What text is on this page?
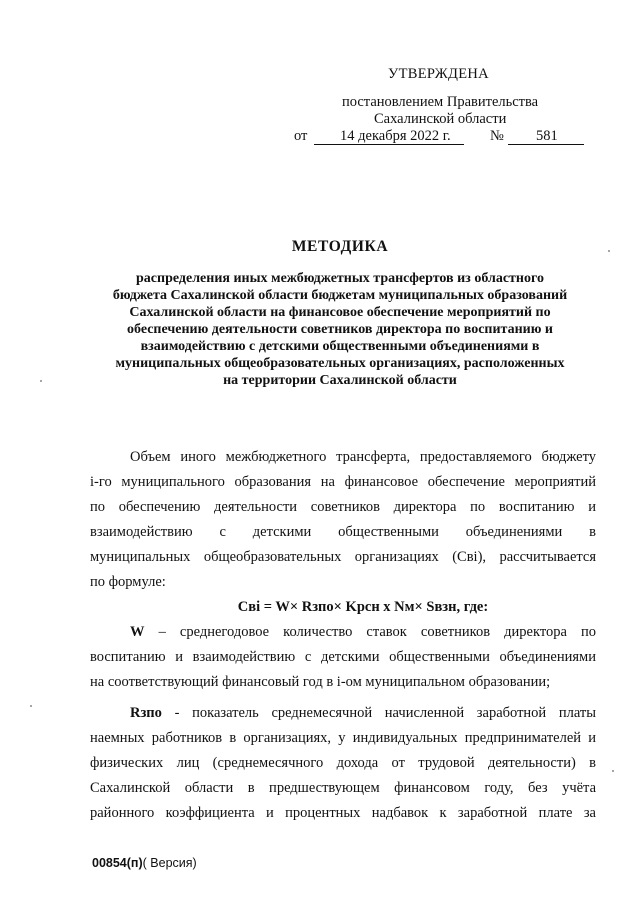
УТВЕРЖДЕНА
постановлением Правительства
Сахалинской области
от 14 декабря 2022 г.	№ 581
МЕТОДИКА
распределения иных межбюджетных трансфертов из областного
бюджета Сахалинской области бюджетам муниципальных образований
Сахалинской области на финансовое обеспечение мероприятий по
обеспечению деятельности советников директора по воспитанию и
взаимодействию с детскими общественными объединениями в
муниципальных общеобразовательных организациях, расположенных
на территории Сахалинской области
Объем иного межбюджетного трансферта, предоставляемого бюджету
i-го муниципального образования на финансовое обеспечение мероприятий
по обеспечению деятельности советников директора по воспитанию и
взаимодействию с детскими общественными объединениями в
муниципальных общеобразовательных организациях (Свi), рассчитывается
по формуле:
Свi = W× Rзпо× Kрсн х Nм× Sвзн, где:
W – среднегодовое количество ставок советников директора по
воспитанию и взаимодействию с детскими общественными объединениями
на соответствующий финансовый год в i-ом муниципальном образовании;
Rзпо - показатель среднемесячной начисленной заработной платы
наемных работников в организациях, у индивидуальных предпринимателей и
физических лиц (среднемесячного дохода от трудовой деятельности) в
Сахалинской области в предшествующем финансовом году, без учёта
районного коэффициента и процентных надбавок к заработной плате за
00854(п)( Версия)
